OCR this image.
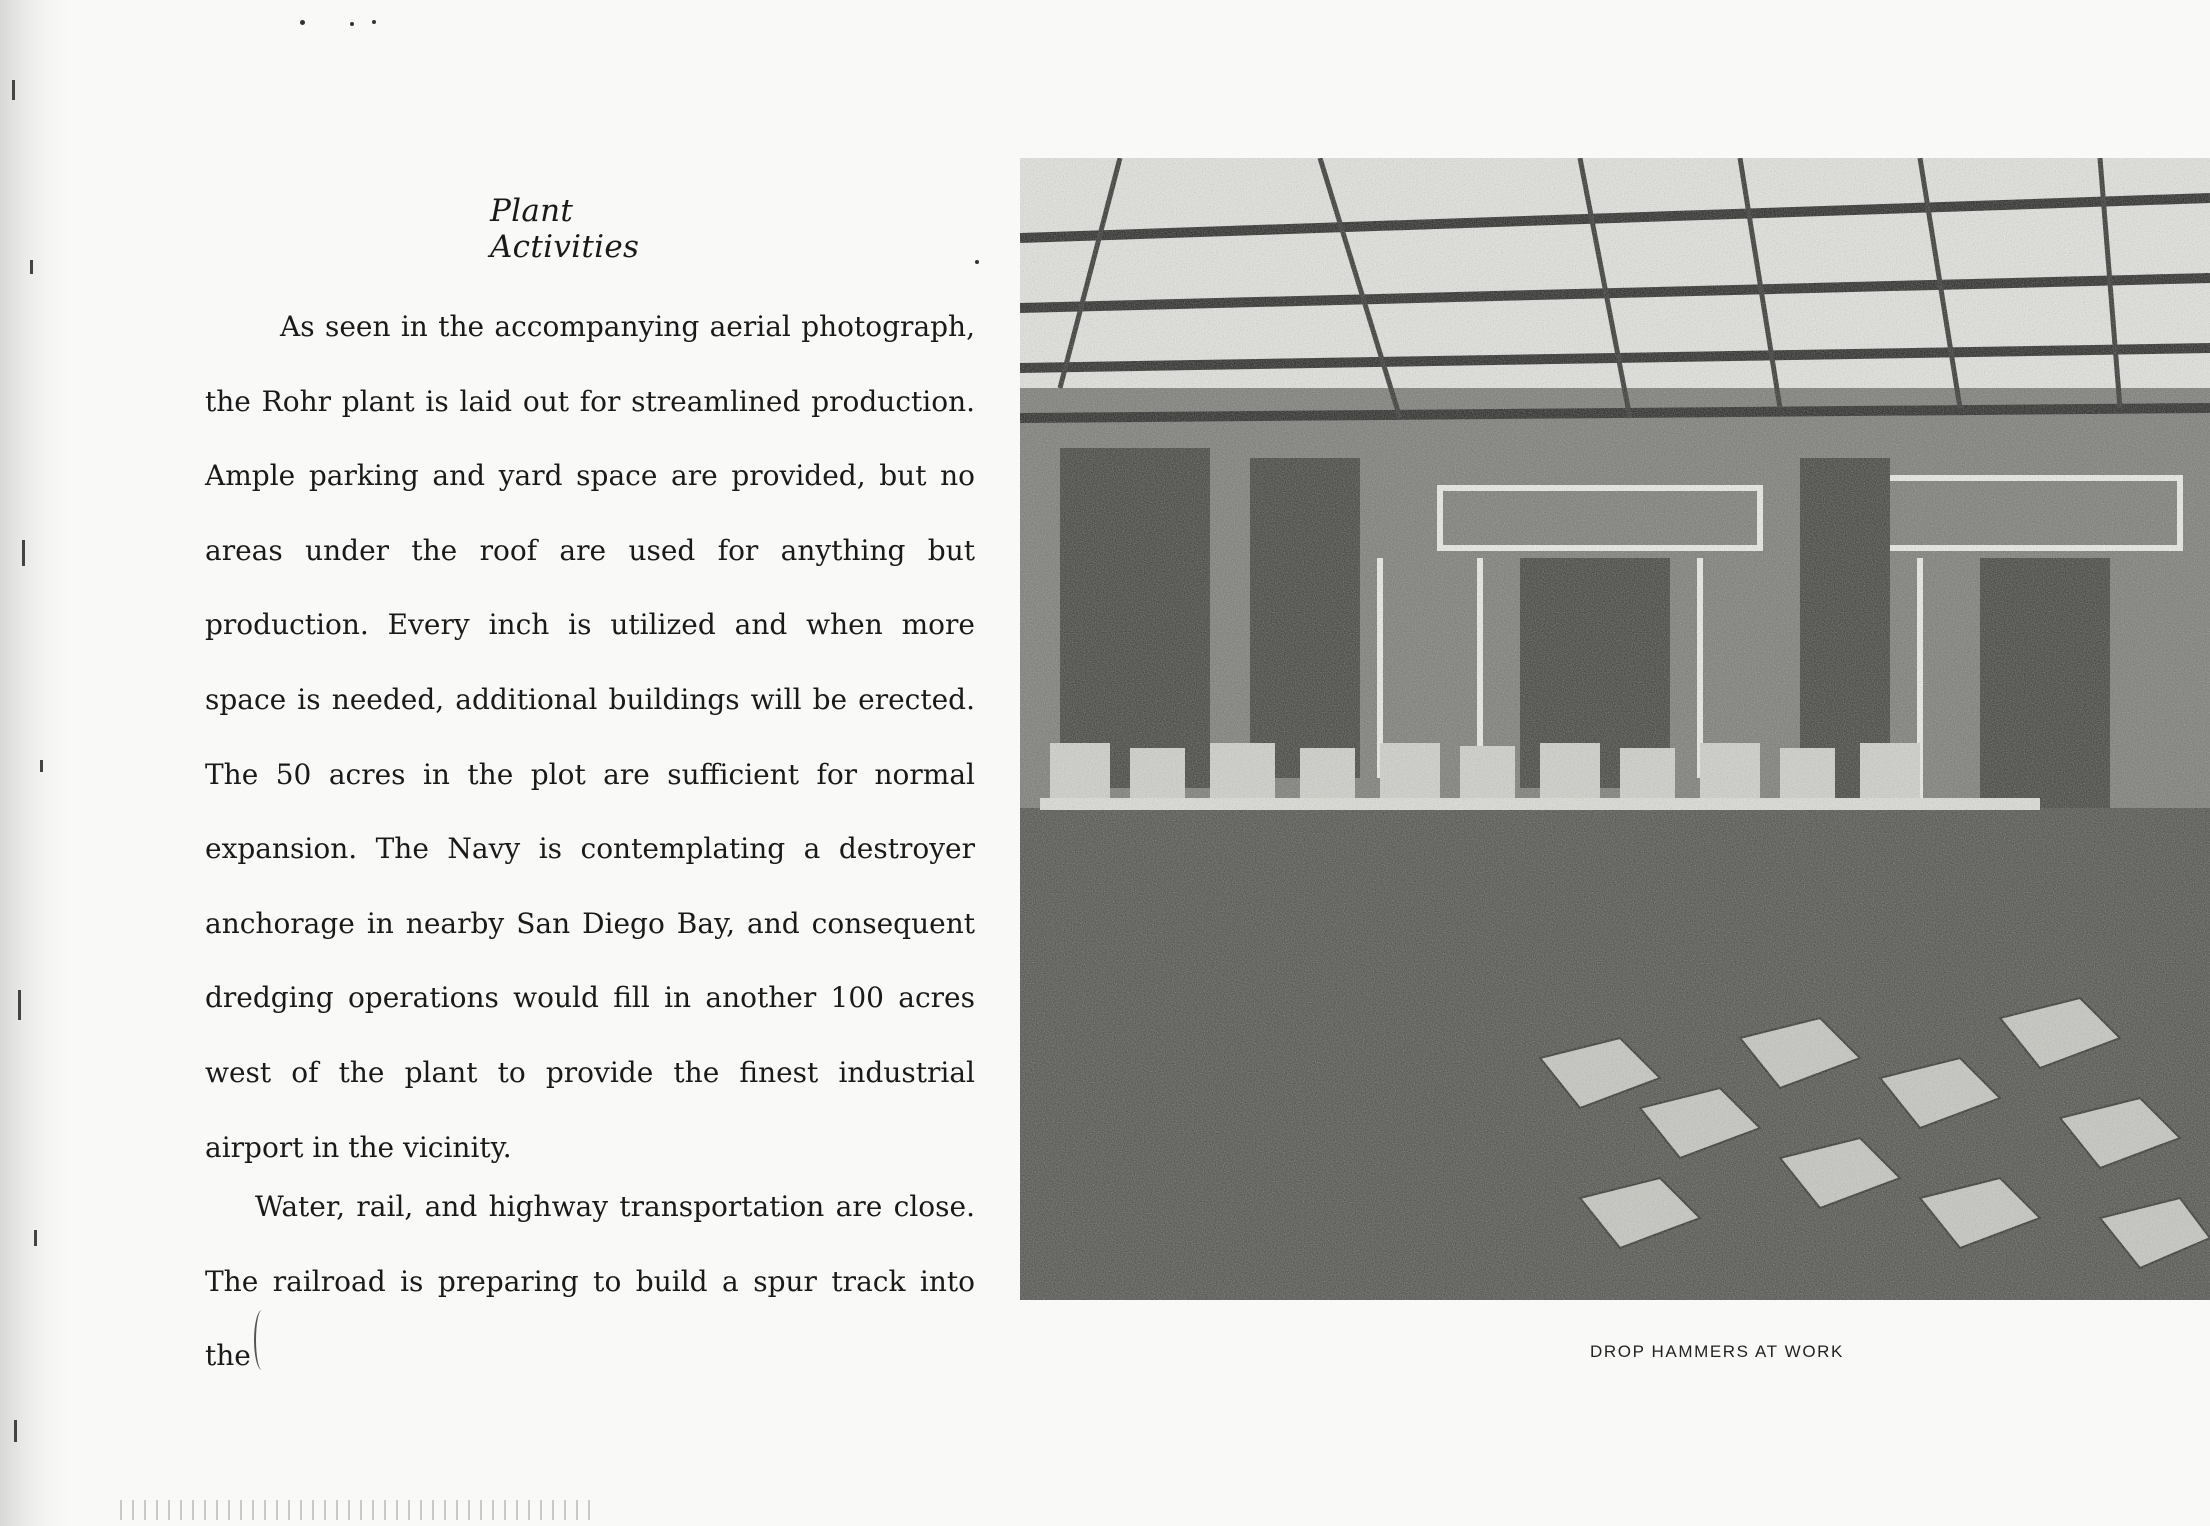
Plant Activities
As seen in the accompanying aerial photograph, the Rohr plant is laid out for streamlined production. Ample parking and yard space are provided, but no areas under the roof are used for anything but production. Every inch is utilized and when more space is needed, additional buildings will be erected. The 50 acres in the plot are sufficient for normal expansion. The Navy is contemplating a destroyer anchorage in nearby San Diego Bay, and consequent dredging operations would fill in another 100 acres west of the plant to provide the finest industrial airport in the vicinity.
Water, rail, and highway transportation are close. The railroad is preparing to build a spur track into the	DROP HAMMERS AT WORK
